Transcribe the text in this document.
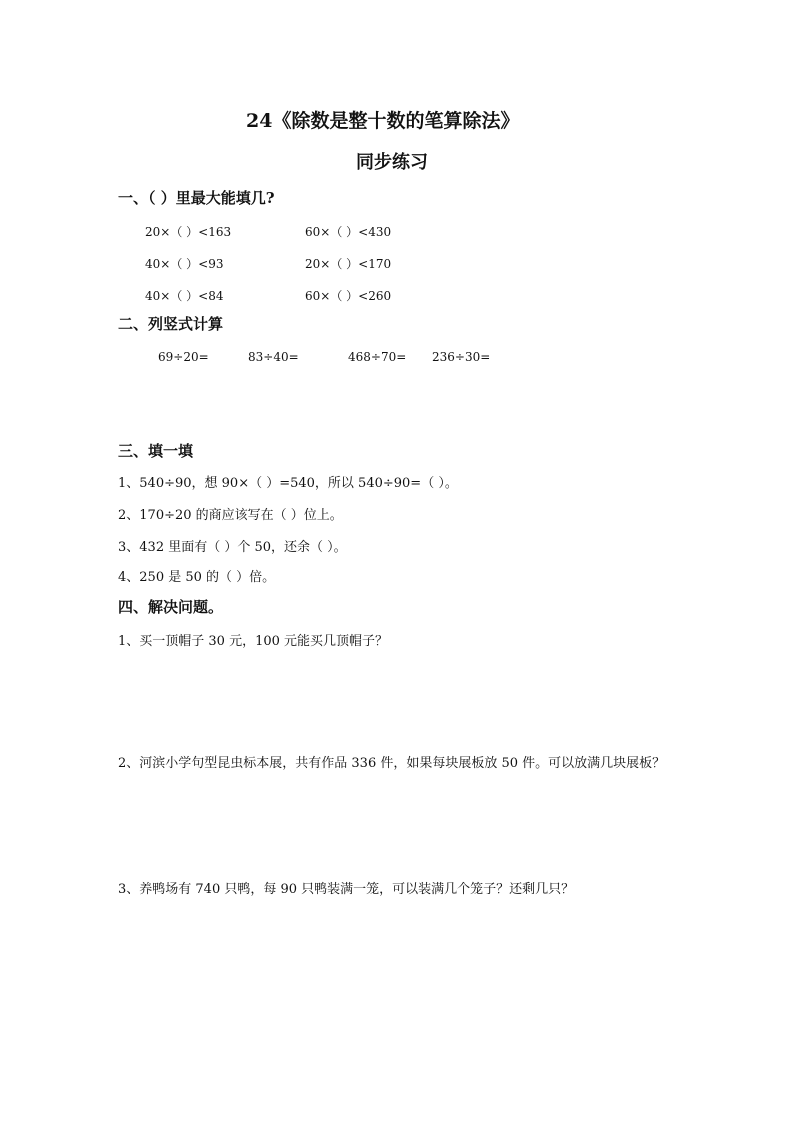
24《除数是整十数的笔算除法》
同步练习
一、（ ）里最大能填几?
20×（ ）<163	60×（ ）<430
40×（ ）<93	20×（ ）<170
40×（ ）<84	60×（ ）<260
二、列竖式计算
69÷20=	83÷40=	468÷70= 236÷30=
三、填一填
1、540÷90，想 90×（ ）=540，所以 540÷90=（ ）。
2、170÷20 的商应该写在（ ）位上。
3、432 里面有（ ）个 50，还余（ ）。
4、250 是 50 的（ ）倍。
四、解决问题。
1、买一顶帽子 30 元，100 元能买几顶帽子？
2、河滨小学句型昆虫标本展，共有作品 336 件，如果每块展板放 50 件。可以放满几块展板？
3、养鸭场有 740 只鸭，每 90 只鸭装满一笼，可以装满几个笼子？还剩几只？
